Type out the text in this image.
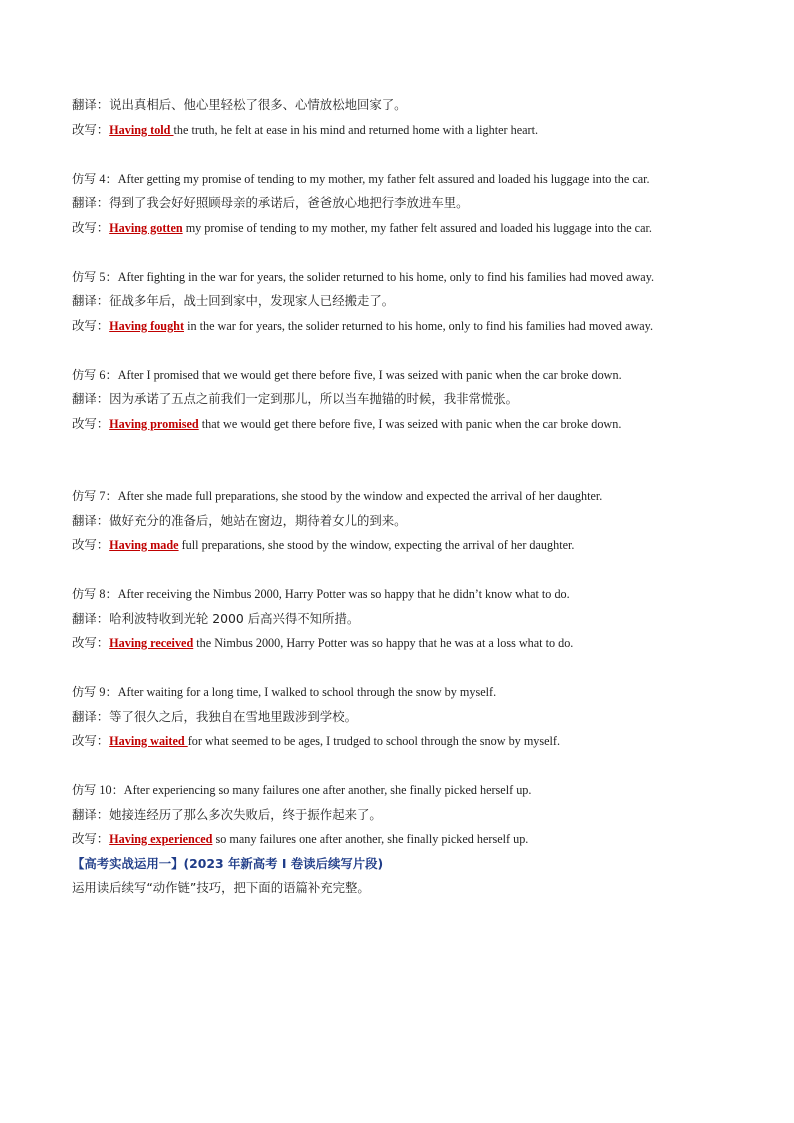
翻译：说出真相后、他心里轻松了很多、心情放松地回家了。
改写：Having told the truth, he felt at ease in his mind and returned home with a lighter heart.
仿写 4：After getting my promise of tending to my mother, my father felt assured and loaded his luggage into the car.
翻译：得到了我会好好照顾母亲的承诺后，爸爸放心地把行李放进车里。
改写：Having gotten my promise of tending to my mother, my father felt assured and loaded his luggage into the car.
仿写 5：After fighting in the war for years, the solider returned to his home, only to find his families had moved away.
翻译：征战多年后，战士回到家中，发现家人已经搬走了。
改写：Having fought in the war for years, the solider returned to his home, only to find his families had moved away.
仿写 6：After I promised that we would get there before five, I was seized with panic when the car broke down.
翻译：因为承诺了五点之前我们一定到那儿，所以当车抛锚的时候，我非常慌张。
改写：Having promised that we would get there before five, I was seized with panic when the car broke down.
仿写 7：After she made full preparations, she stood by the window and expected the arrival of her daughter.
翻译：做好充分的准备后，她站在窗边，期待着女儿的到来。
改写：Having made full preparations, she stood by the window, expecting the arrival of her daughter.
仿写 8：After receiving the Nimbus 2000, Harry Potter was so happy that he didn’t know what to do.
翻译：哈利波特收到光轮 2000 后高兴得不知所措。
改写：Having received the Nimbus 2000, Harry Potter was so happy that he was at a loss what to do.
仿写 9：After waiting for a long time, I walked to school through the snow by myself.
翻译：等了很久之后，我独自在雪地里跋涉到学校。
改写：Having waited for what seemed to be ages, I trudged to school through the snow by myself.
仿写 10：After experiencing so many failures one after another, she finally picked herself up.
翻译：她接连经历了那么多次失败后，终于振作起来了。
改写：Having experienced so many failures one after another, she finally picked herself up.
【高考实战运用一】(2023 年新高考 I 卷读后续写片段)
运用读后续写“动作链”技巧，把下面的语篇补充完整。
